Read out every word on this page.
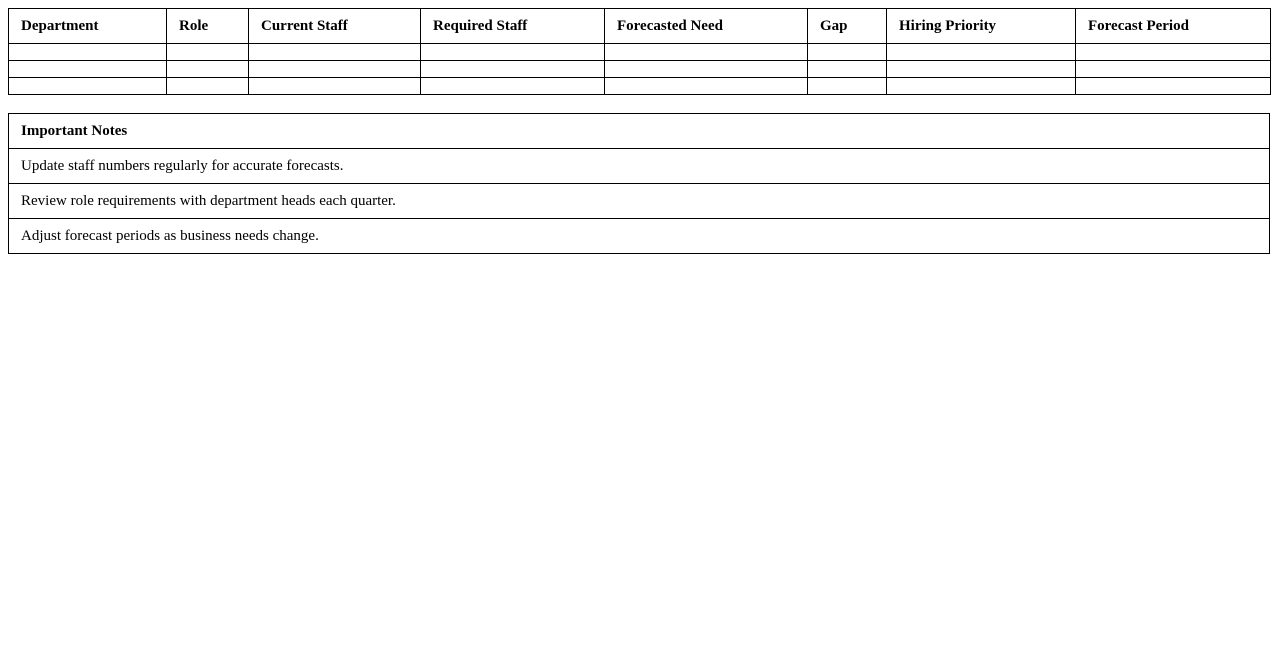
Department	Role	Current Staff	Required Staff	Forecasted Need	Gap	Hiring Priority	Forecast Period

Important Notes
Update staff numbers regularly for accurate forecasts.
Review role requirements with department heads each quarter.
Adjust forecast periods as business needs change.
